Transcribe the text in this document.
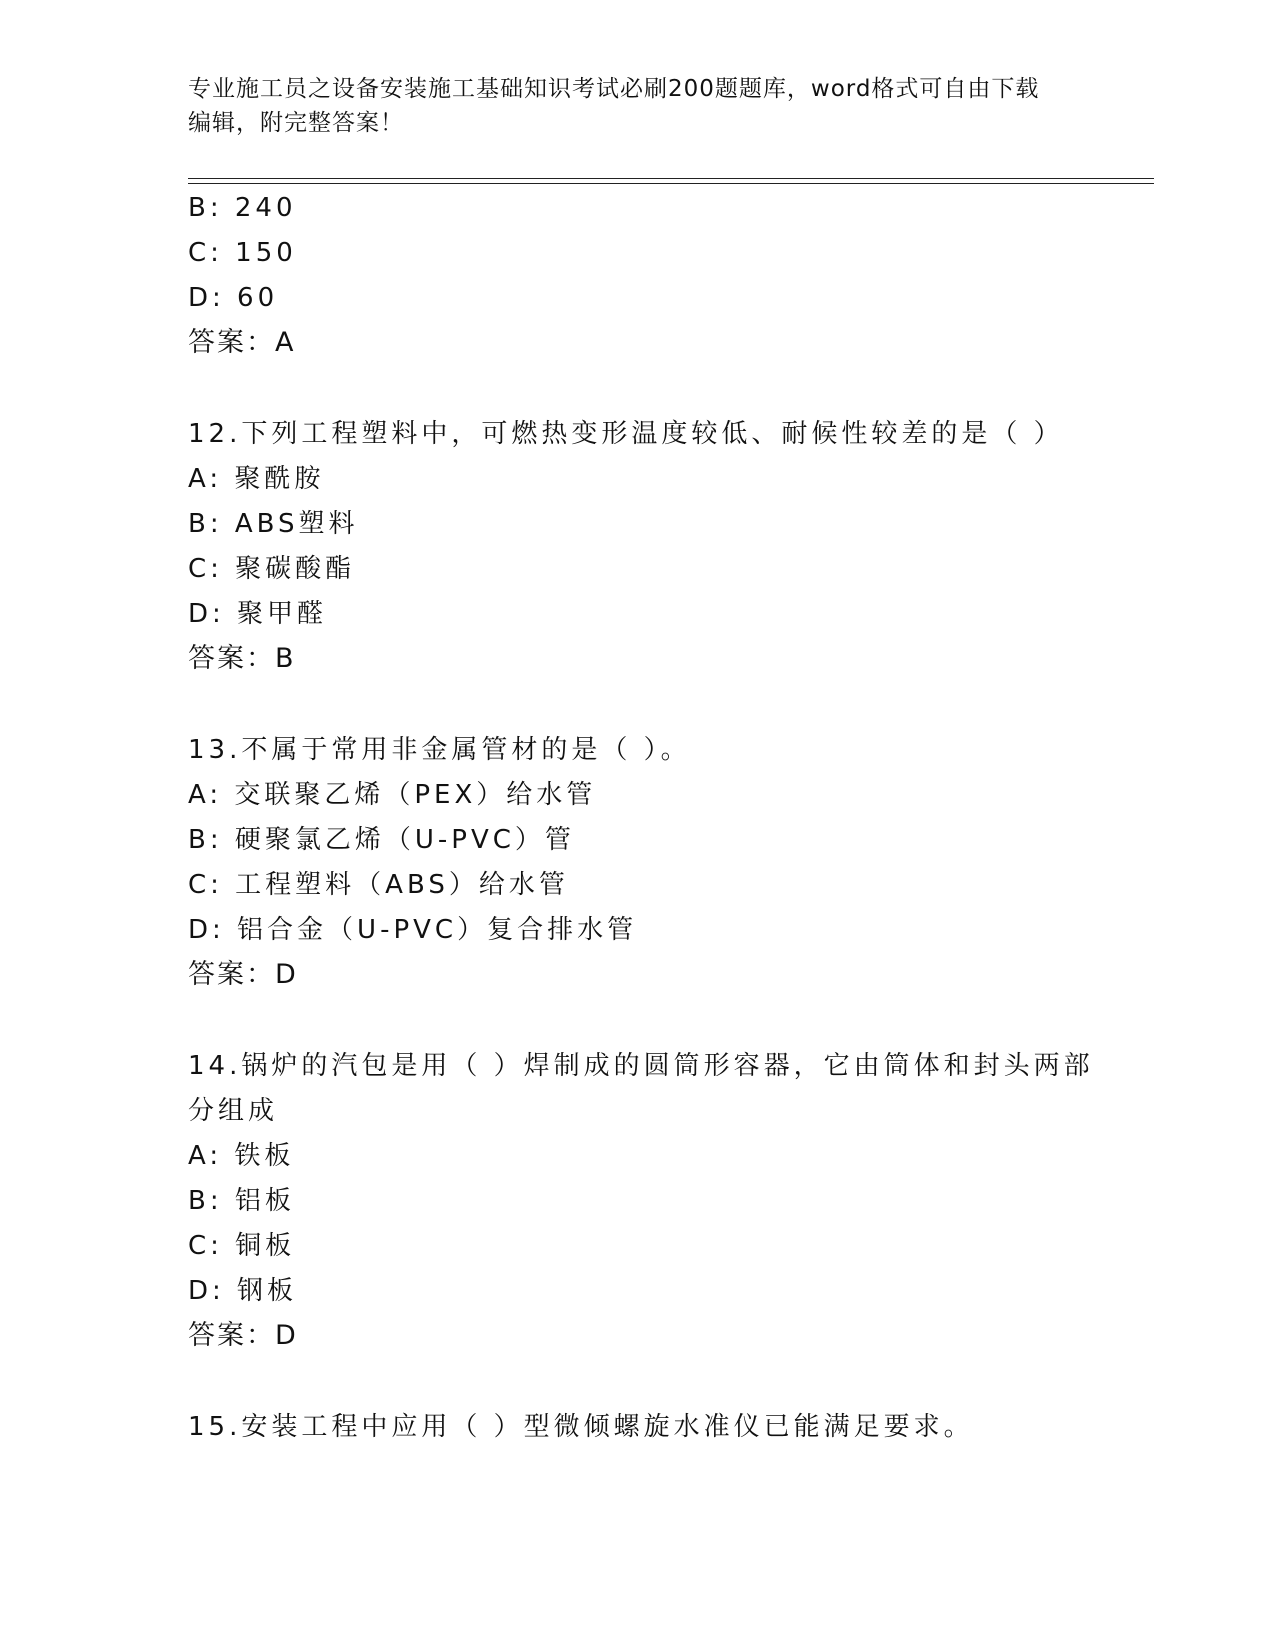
专业施工员之设备安装施工基础知识考试必刷200题题库，word格式可自由下载
编辑，附完整答案！
B: 240
C: 150
D: 60
答案：A
12.下列工程塑料中，可燃热变形温度较低、耐候性较差的是（ ）
A: 聚酰胺
B: ABS塑料
C: 聚碳酸酯
D: 聚甲醛
答案：B
13.不属于常用非金属管材的是（ ）。
A: 交联聚乙烯（PEX）给水管
B: 硬聚氯乙烯（U-PVC）管
C: 工程塑料（ABS）给水管
D: 铝合金（U-PVC）复合排水管
答案：D
14.锅炉的汽包是用（ ）焊制成的圆筒形容器，它由筒体和封头两部
分组成
A: 铁板
B: 铝板
C: 铜板
D: 钢板
答案：D
15.安装工程中应用（ ）型微倾螺旋水准仪已能满足要求。
